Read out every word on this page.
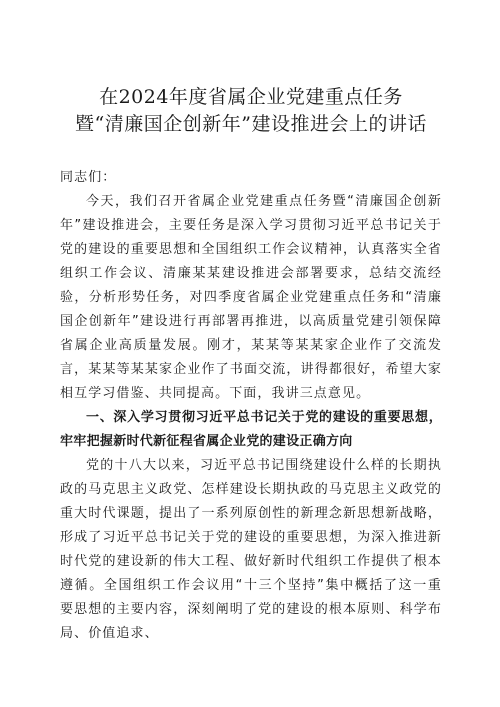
在2024年度省属企业党建重点任务
暨“清廉国企创新年”建设推进会上的讲话

同志们：

今天，我们召开省属企业党建重点任务暨“清廉国企创新年”建设推进会，主要任务是深入学习贯彻习近平总书记关于党的建设的重要思想和全国组织工作会议精神，认真落实全省组织工作会议、清廉某某建设推进会部署要求，总结交流经验，分析形势任务，对四季度省属企业党建重点任务和“清廉国企创新年”建设进行再部署再推进，以高质量党建引领保障省属企业高质量发展。刚才，某某等某某家企业作了交流发言，某某等某某家企业作了书面交流，讲得都很好，希望大家相互学习借鉴、共同提高。下面，我讲三点意见。

一、深入学习贯彻习近平总书记关于党的建设的重要思想，牢牢把握新时代新征程省属企业党的建设正确方向

党的十八大以来，习近平总书记围绕建设什么样的长期执政的马克思主义政党、怎样建设长期执政的马克思主义政党的重大时代课题，提出了一系列原创性的新理念新思想新战略，形成了习近平总书记关于党的建设的重要思想，为深入推进新时代党的建设新的伟大工程、做好新时代组织工作提供了根本遵循。全国组织工作会议用“十三个坚持”集中概括了这一重要思想的主要内容，深刻阐明了党的建设的根本原则、科学布局、价值追求、
